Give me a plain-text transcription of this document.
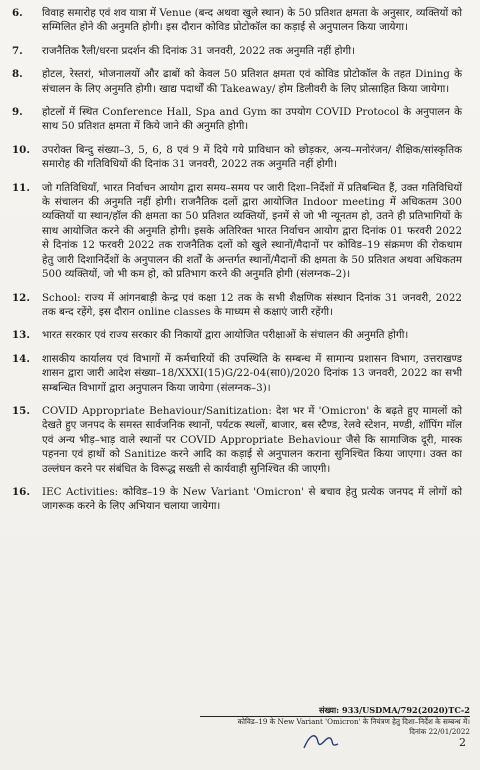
6. विवाह समारोह एवं शव यात्रा में Venue (बन्द अथवा खुले स्थान) के 50 प्रतिशत क्षमता के अनुसार, व्यक्तियों को सम्मिलित होने की अनुमति होगी। इस दौरान कोविड प्रोटोकॉल का कड़ाई से अनुपालन किया जायेगा।
7. राजनैतिक रैली/धरना प्रदर्शन की दिनांक 31 जनवरी, 2022 तक अनुमति नहीं होगी।
8. होटल, रेस्तरां, भोजनालयों और ढाबों को केवल 50 प्रतिशत क्षमता एवं कोविड प्रोटोकॉल के तहत Dining के संचालन के लिए अनुमति होगी। खाद्य पदार्थों की Takeaway/ होम डिलीवरी के लिए प्रोत्साहित किया जायेगा।
9. होटलों में स्थित Conference Hall, Spa and Gym का उपयोग COVID Protocol के अनुपालन के साथ 50 प्रतिशत क्षमता में किये जाने की अनुमति होगी।
10. उपरोक्त बिन्दु संख्या–3, 5, 6, 8 एवं 9 में दिये गये प्राविधान को छोड़कर, अन्य–मनोरंजन/ शैक्षिक/सांस्कृतिक समारोह की गतिविधियों की दिनांक 31 जनवरी, 2022 तक अनुमति नहीं होगी।
11. जो गतिविधियाँ, भारत निर्वाचन आयोग द्वारा समय–समय पर जारी दिशा–निर्देशों में प्रतिबन्धित हैं, उक्त गतिविधियों के संचालन की अनुमति नहीं होगी। राजनैतिक दलों द्वारा आयोजित Indoor meeting में अधिकतम 300 व्यक्तियों या स्थान/हॉल की क्षमता का 50 प्रतिशत व्यक्तियों, इनमें से जो भी न्यूनतम हो, उतने ही प्रतिभागियों के साथ आयोजित करने की अनुमति होगी। इसके अतिरिक्त भारत निर्वाचन आयोग द्वारा दिनांक 01 फरवरी 2022 से दिनांक 12 फरवरी 2022 तक राजनैतिक दलों को खुले स्थानों/मैदानों पर कोविड–19 संक्रमण की रोकथाम हेतु जारी दिशानिर्देशों के अनुपालन की शर्तों के अन्तर्गत स्थानों/मैदानों की क्षमता के 50 प्रतिशत अथवा अधिकतम 500 व्यक्तियों, जो भी कम हो, को प्रतिभाग करने की अनुमति होगी (संलग्नक–2)।
12. School: राज्य में आंगनबाड़ी केन्द्र एवं कक्षा 12 तक के सभी शैक्षणिक संस्थान दिनांक 31 जनवरी, 2022 तक बन्द रहेंगे, इस दौरान online classes के माध्यम से कक्षाएं जारी रहेंगी।
13. भारत सरकार एवं राज्य सरकार की निकायों द्वारा आयोजित परीक्षाओं के संचालन की अनुमति होगी।
14. शासकीय कार्यालय एवं विभागों में कर्मचारियों की उपस्थिति के सम्बन्ध में सामान्य प्रशासन विभाग, उत्तराखण्ड शासन द्वारा जारी आदेश संख्या–18/XXXI(15)G/22-04(सा0)/2020 दिनांक 13 जनवरी, 2022 का सभी सम्बन्धित विभागों द्वारा अनुपालन किया जायेगा (संलग्नक–3)।
15. COVID Appropriate Behaviour/Sanitization: देश भर में 'Omicron' के बढ़ते हुए मामलों को देखते हुए जनपद के समस्त सार्वजनिक स्थानों, पर्यटक स्थलों, बाजार, बस स्टैण्ड, रेलवे स्टेशन, मण्डी, शॉपिंग मॉल एवं अन्य भीड़–भाड़ वाले स्थानों पर COVID Appropriate Behaviour जैसे कि सामाजिक दूरी, मास्क पहनना एवं हाथों को Sanitize करने आदि का कड़ाई से अनुपालन कराना सुनिश्चित किया जाएगा। उक्त का उल्लंघन करने पर संबंधित के विरूद्ध सख्ती से कार्यवाही सुनिश्चित की जाएगी।
16. IEC Activities: कोविड–19 के New Variant 'Omicron' से बचाव हेतु प्रत्येक जनपद में लोगों को जागरूक करने के लिए अभियान चलाया जायेगा।
संख्या: 933/USDMA/792(2020)TC-2
कोविड–19 के New Variant 'Omicron' के नियंत्रण हेतु दिशा–निर्देश के सम्बन्ध में।
दिनांक 22/01/2022
2
